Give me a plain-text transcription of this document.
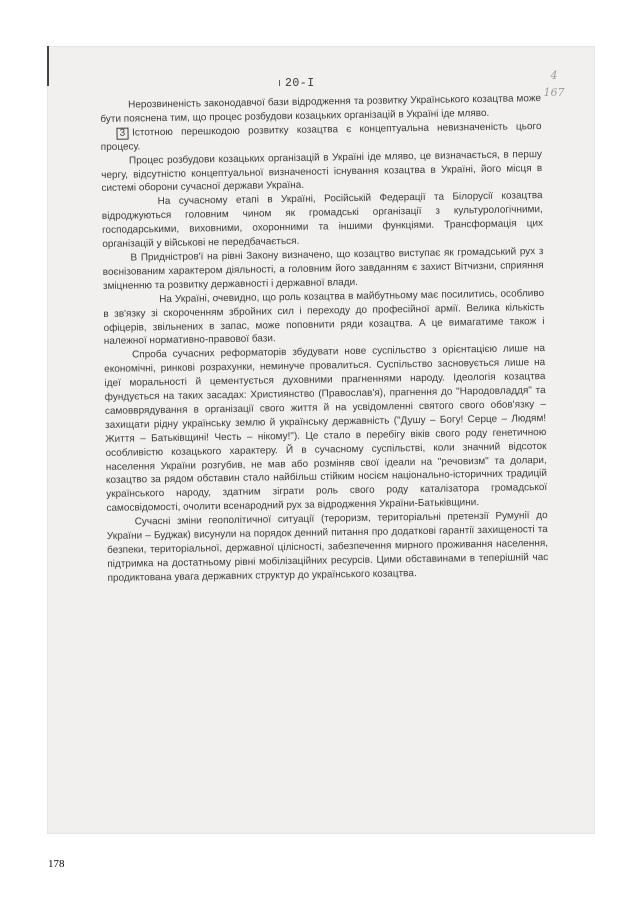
ı 20-I
4
167

Нерозвиненість законодавчої бази відродження та розвитку Українського козацтва може бути пояснена тим, що процес розбудови козацьких організацій в Україні іде мляво.

3 Істотною перешкодою розвитку козацтва є концептуальна невизначеність цього процесу.

Процес розбудови козацьких організацій в Україні іде мляво, це визначається, в першу чергу, відсутністю концептуальної визначеності існування козацтва в Україні, його місця в системі оборони сучасної держави Україна.

На сучасному етапі в Україні, Російській Федерації та Білорусії козацтва відроджуються головним чином як громадські організації з культурологічними, господарськими, виховними, охоронними та іншими функціями. Трансформація цих організацій у військові не передбачається.

В Придністров'ї на рівні Закону визначено, що козацтво виступає як громадський рух з воєнізованим характером діяльності, а головним його завданням є захист Вітчизни, сприяння зміцненню та розвитку державності і державної влади.

На Україні, очевидно, що роль козацтва в майбутньому має посилитись, особливо в зв'язку зі скороченням збройних сил і переходу до професійної армії. Велика кількість офіцерів, звільнених в запас, може поповнити ряди козацтва. А це вимагатиме також і належної нормативно-правової бази.

Спроба сучасних реформаторів збудувати нове суспільство з орієнтацією лише на економічні, ринкові розрахунки, неминуче провалиться. Суспільство засновується лише на ідеї моральності й цементується духовними прагненнями народу. Ідеологія козацтва фундується на таких засадах: Християнство (Православ'я), прагнення до "Народовладдя" та самовврядування в організації свого життя й на усвідомленні святого свого обов'язку – захищати рідну українську землю й українську державність ("Душу – Богу! Серце – Людям! Життя – Батьківщині! Честь – нікому!"). Це стало в перебігу віків свого роду генетичною особливістю козацького характеру. Й в сучасному суспільстві, коли значний відсоток населення України розгубив, не мав або розміняв свої ідеали на "речовизм" та долари, козацтво за рядом обставин стало найбільш стійким носієм національно-історичних традицій українського народу, здатним зіграти роль свого роду каталізатора громадської самосвідомості, очолити всенародний рух за відродження України-Батьківщини.

Сучасні зміни геополітичної ситуації (тероризм, територіальні претензії Румунії до України – Буджак) висунули на порядок денний питання про додаткові гарантії захищеності та безпеки, територіальної, державної цілісності, забезпечення мирного проживання населення, підтримка на достатньому рівні мобілізаційних ресурсів. Цими обставинами в теперішній час продиктована увага державних структур до українського козацтва.

178
